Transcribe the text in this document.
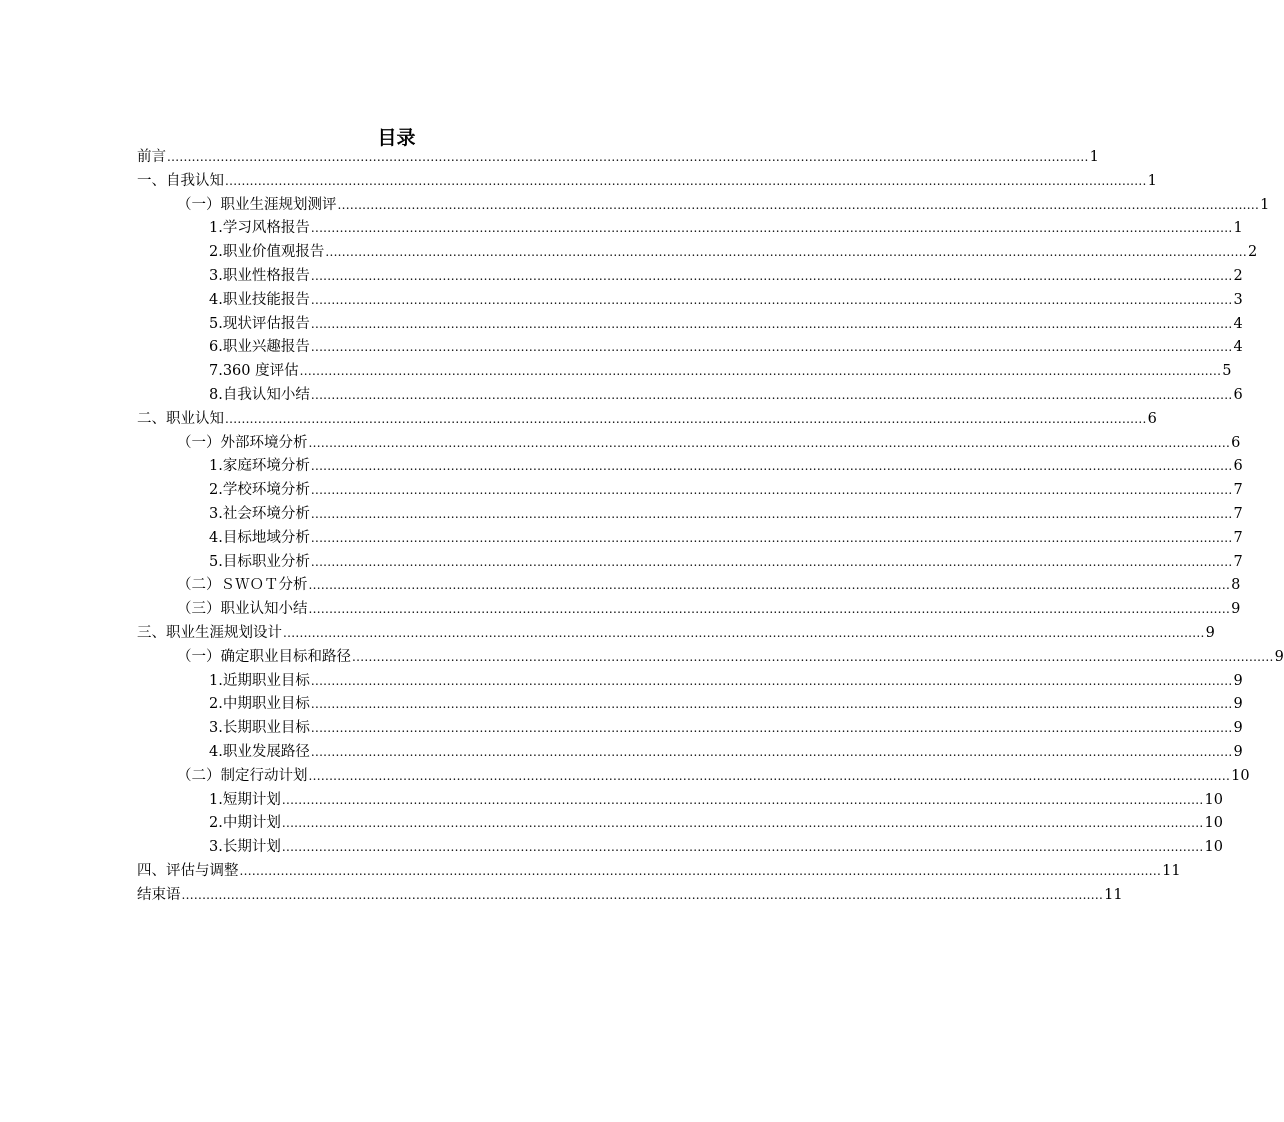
目录
前言 ................................................................................................................................................................................................................................ 1
一、自我认知 ................................................................................................................................................................................................................................ 1
（一）职业生涯规划测评 ................................................................................................................................................................................................................................ 1
1.学习风格报告 ................................................................................................................................................................................................................................ 1
2.职业价值观报告 ................................................................................................................................................................................................................................ 2
3.职业性格报告 ................................................................................................................................................................................................................................ 2
4.职业技能报告 ................................................................................................................................................................................................................................ 3
5.现状评估报告 ................................................................................................................................................................................................................................ 4
6.职业兴趣报告 ................................................................................................................................................................................................................................ 4
7.360 度评估 ................................................................................................................................................................................................................................ 5
8.自我认知小结 ................................................................................................................................................................................................................................ 6
二、职业认知 ................................................................................................................................................................................................................................ 6
（一）外部环境分析 ................................................................................................................................................................................................................................ 6
1.家庭环境分析 ................................................................................................................................................................................................................................ 6
2.学校环境分析 ................................................................................................................................................................................................................................ 7
3.社会环境分析 ................................................................................................................................................................................................................................ 7
4.目标地域分析 ................................................................................................................................................................................................................................ 7
5.目标职业分析 ................................................................................................................................................................................................................................ 7
（二）ＳＷＯＴ分析 ................................................................................................................................................................................................................................ 8
（三）职业认知小结 ................................................................................................................................................................................................................................ 9
三、职业生涯规划设计 ................................................................................................................................................................................................................................ 9
（一）确定职业目标和路径 ................................................................................................................................................................................................................................ 9
1.近期职业目标 ................................................................................................................................................................................................................................ 9
2.中期职业目标 ................................................................................................................................................................................................................................ 9
3.长期职业目标 ................................................................................................................................................................................................................................ 9
4.职业发展路径 ................................................................................................................................................................................................................................ 9
（二）制定行动计划 ................................................................................................................................................................................................................................ 10
1.短期计划 ................................................................................................................................................................................................................................ 10
2.中期计划 ................................................................................................................................................................................................................................ 10
3.长期计划 ................................................................................................................................................................................................................................ 10
四、评估与调整 ................................................................................................................................................................................................................................ 11
结束语 ................................................................................................................................................................................................................................ 11
